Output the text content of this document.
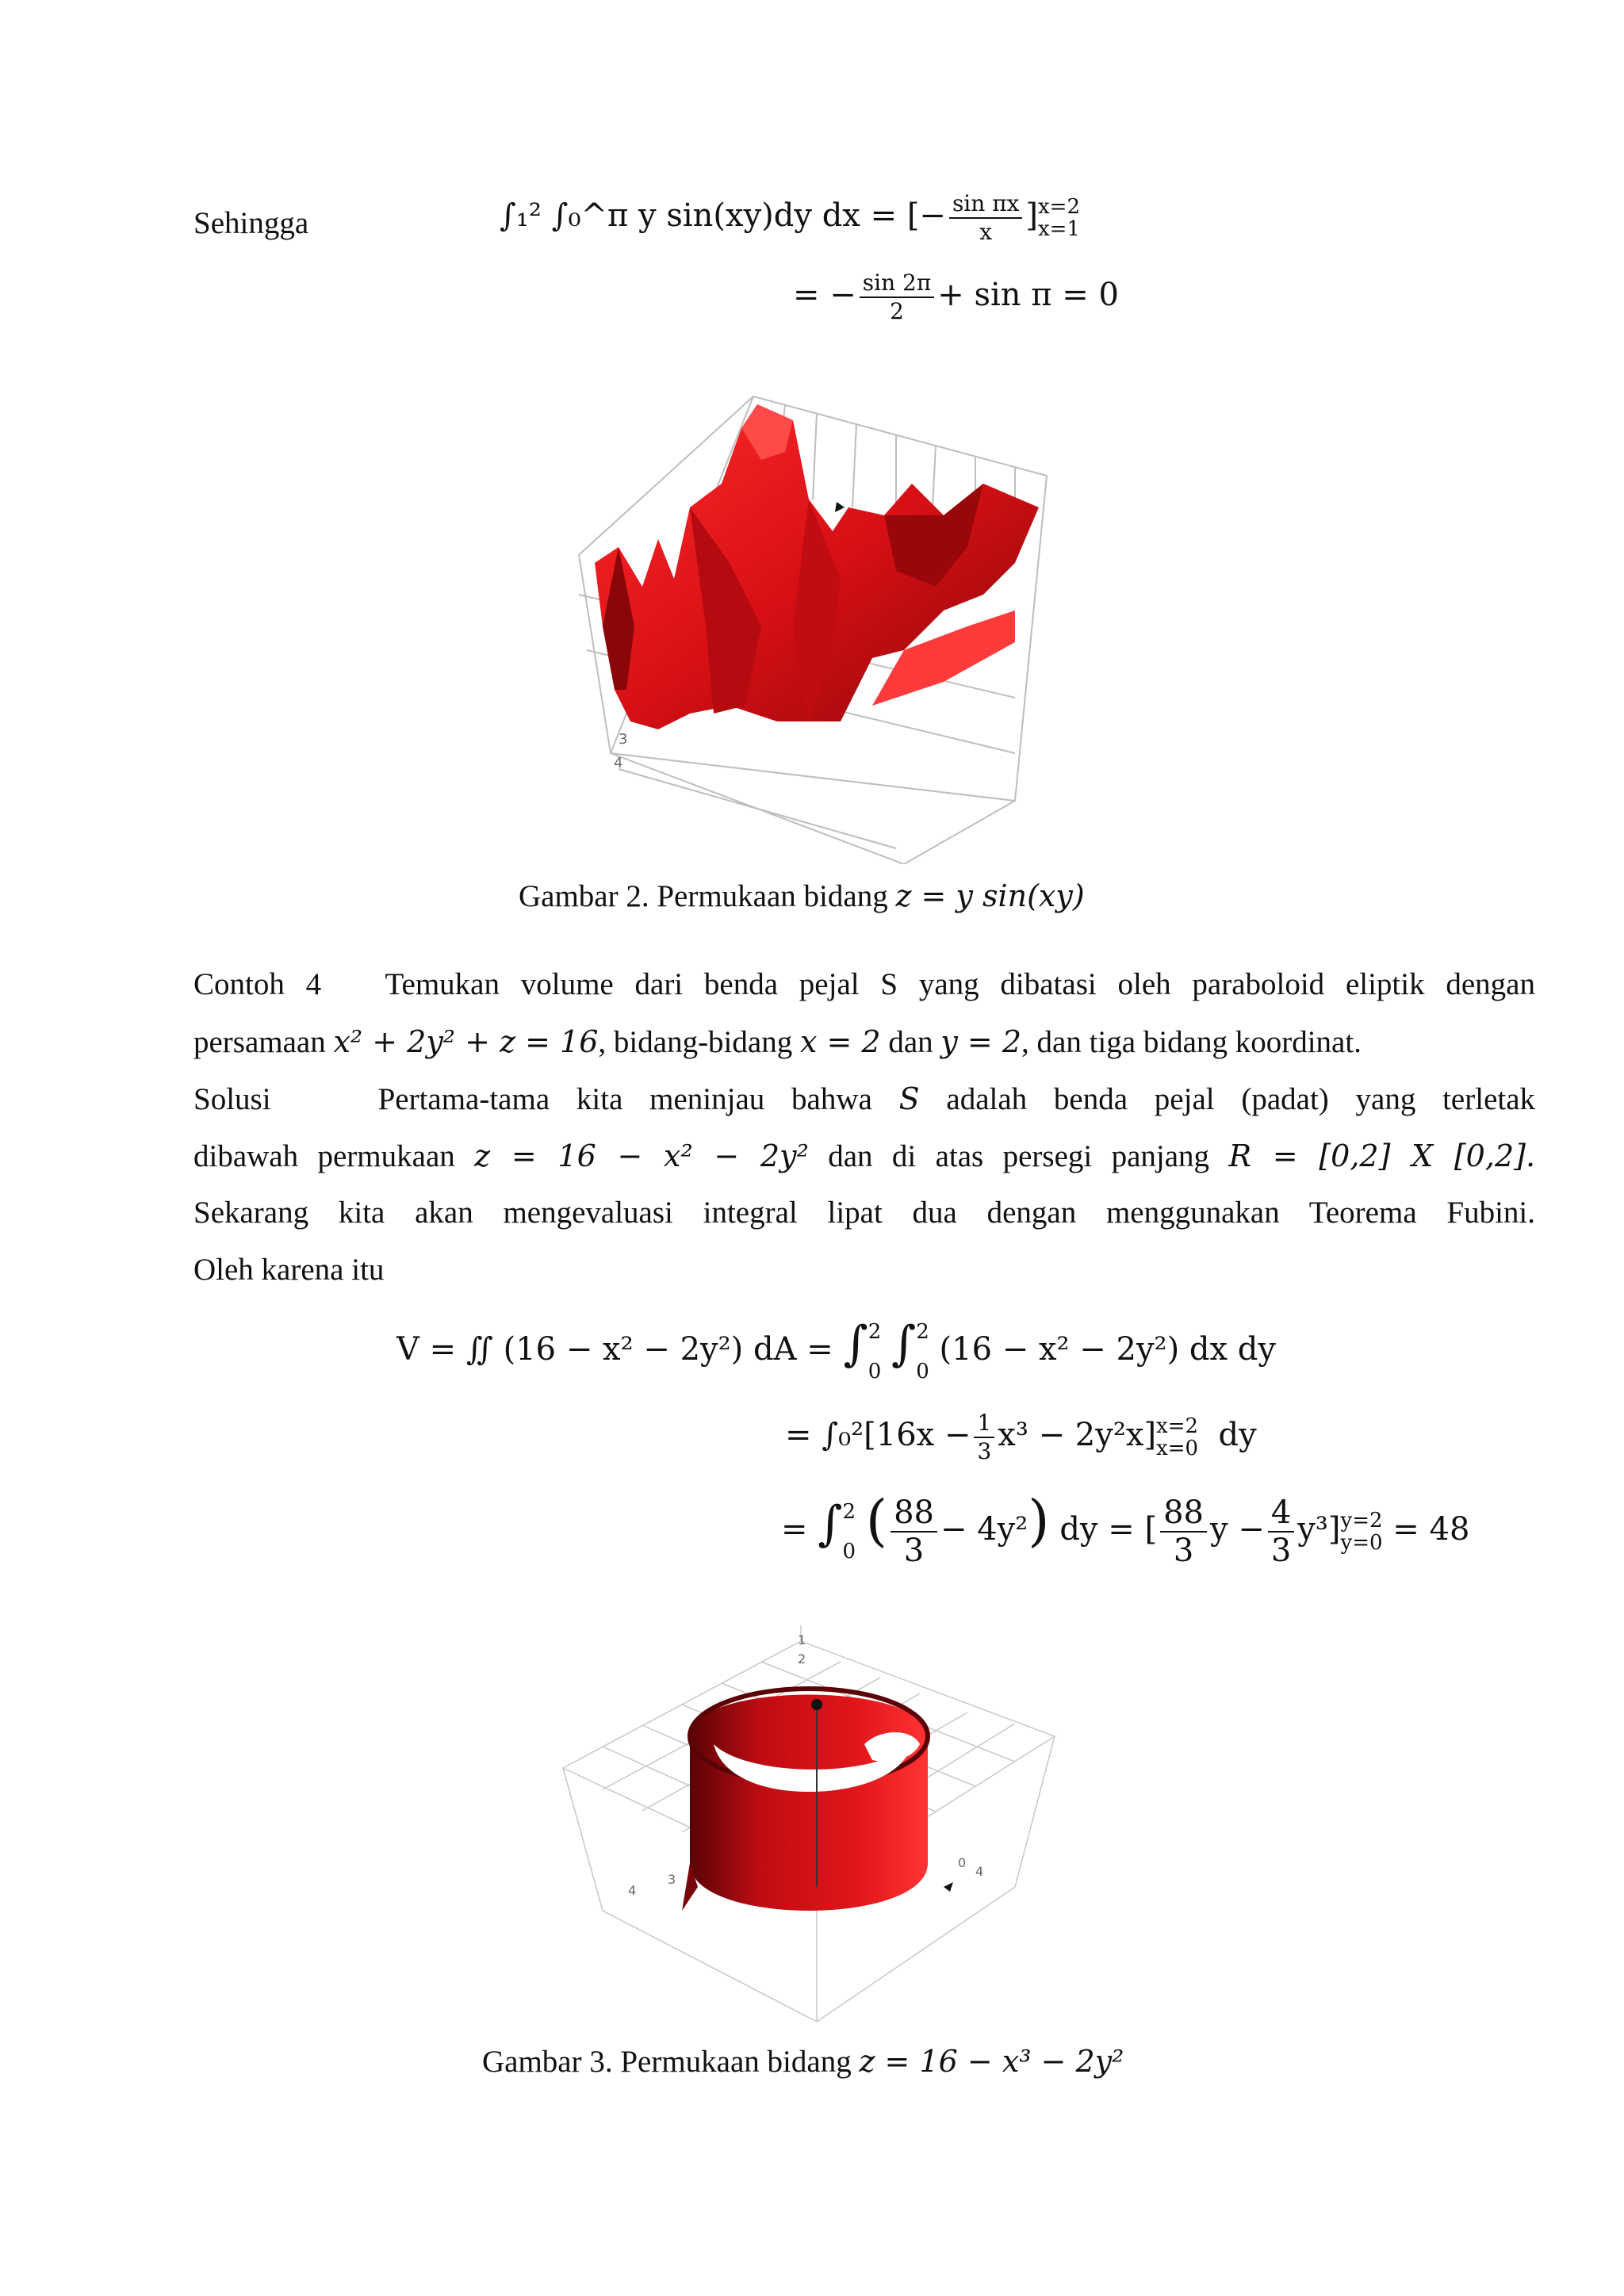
Sehingga	∫₁² ∫₀^π y sin(xy)dy dx = [− $\frac{\text{sin πx}}{x}$ ] x=2
x=1
= − $\frac{\sin 2\pi}{2} + \sin \pi = 0$
3
4
Gambar 2. Permukaan bidang z = y sin(xy)
Contoh 4 Temukan volume dari benda pejal S yang dibatasi oleh paraboloid eliptik dengan
persamaan x² + 2y² + z = 16, bidang-bidang x = 2 dan y = 2, dan tiga bidang koordinat.
Solusi	Pertama-tama kita meninjau bahwa S adalah benda pejal (padat) yang terletak
dibawah permukaan z = 16 − x² − 2y² dan di atas persegi panjang R = [0,2] X [0,2].
Sekarang kita akan mengevaluasi integral lipat dua dengan menggunakan Teorema Fubini.
Oleh karena itu
V = ∬ (16 − x² − 2y²) dA = ∫ 2
0 ∫ 2
0
(16 − x² − 2y²) dx dy
= $\int_0^2[16x - \frac{1}{3} x^3 - 2y^2x]$ x=2
x=0 dy
= ∫ 2
0 ( $\frac{88}{3} - 4y^2$) dy = [ $\frac{88}{3}$ $y - \frac{4}{3} y^3$] y=2
y=0 = 48
1
2
4
3
0
4
Gambar 3. Permukaan bidang z = 16 − x³ − 2y²
